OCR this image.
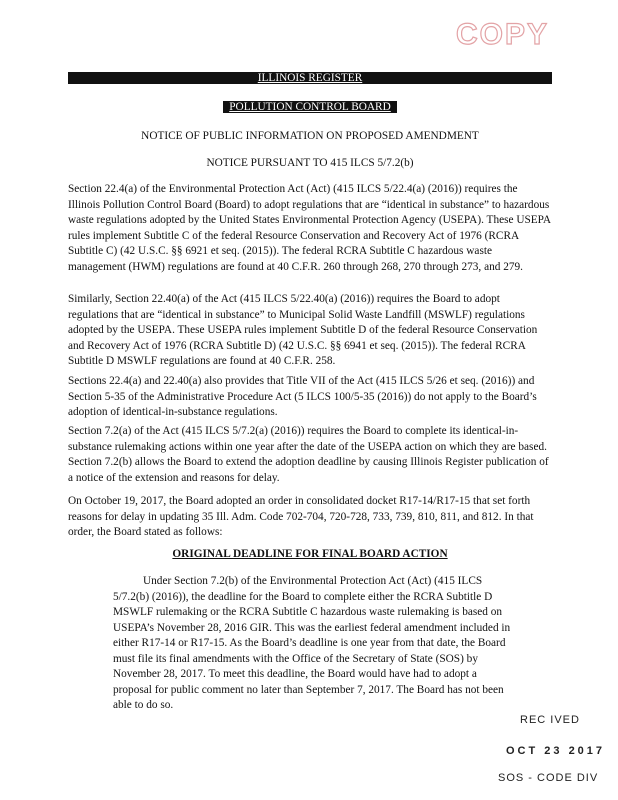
COPY
ILLINOIS REGISTER
POLLUTION CONTROL BOARD
NOTICE OF PUBLIC INFORMATION ON PROPOSED AMENDMENT
NOTICE PURSUANT TO 415 ILCS 5/7.2(b)

Section 22.4(a) of the Environmental Protection Act (Act) (415 ILCS 5/22.4(a) (2016)) requires the Illinois Pollution Control Board (Board) to adopt regulations that are “identical in substance” to hazardous waste regulations adopted by the United States Environmental Protection Agency (USEPA). These USEPA rules implement Subtitle C of the federal Resource Conservation and Recovery Act of 1976 (RCRA Subtitle C) (42 U.S.C. §§ 6921 et seq. (2015)). The federal RCRA Subtitle C hazardous waste management (HWM) regulations are found at 40 C.F.R. 260 through 268, 270 through 273, and 279.

Similarly, Section 22.40(a) of the Act (415 ILCS 5/22.40(a) (2016)) requires the Board to adopt regulations that are “identical in substance” to Municipal Solid Waste Landfill (MSWLF) regulations adopted by the USEPA. These USEPA rules implement Subtitle D of the federal Resource Conservation and Recovery Act of 1976 (RCRA Subtitle D) (42 U.S.C. §§ 6941 et seq. (2015)). The federal RCRA Subtitle D MSWLF regulations are found at 40 C.F.R. 258.

Sections 22.4(a) and 22.40(a) also provides that Title VII of the Act (415 ILCS 5/26 et seq. (2016)) and Section 5-35 of the Administrative Procedure Act (5 ILCS 100/5-35 (2016)) do not apply to the Board’s adoption of identical-in-substance regulations.

Section 7.2(a) of the Act (415 ILCS 5/7.2(a) (2016)) requires the Board to complete its identical-in-substance rulemaking actions within one year after the date of the USEPA action on which they are based. Section 7.2(b) allows the Board to extend the adoption deadline by causing Illinois Register publication of a notice of the extension and reasons for delay.

On October 19, 2017, the Board adopted an order in consolidated docket R17-14/R17-15 that set forth reasons for delay in updating 35 Ill. Adm. Code 702-704, 720-728, 733, 739, 810, 811, and 812. In that order, the Board stated as follows:

ORIGINAL DEADLINE FOR FINAL BOARD ACTION
Under Section 7.2(b) of the Environmental Protection Act (Act) (415 ILCS 5/7.2(b) (2016)), the deadline for the Board to complete either the RCRA Subtitle D MSWLF rulemaking or the RCRA Subtitle C hazardous waste rulemaking is based on USEPA’s November 28, 2016 GIR. This was the earliest federal amendment included in either R17-14 or R17-15. As the Board’s deadline is one year from that date, the Board must file its final amendments with the Office of the Secretary of State (SOS) by November 28, 2017. To meet this deadline, the Board would have had to adopt a proposal for public comment no later than September 7, 2017. The Board has not been able to do so.
REC IVED
OCT 23 2017
SOS - CODE DIV
